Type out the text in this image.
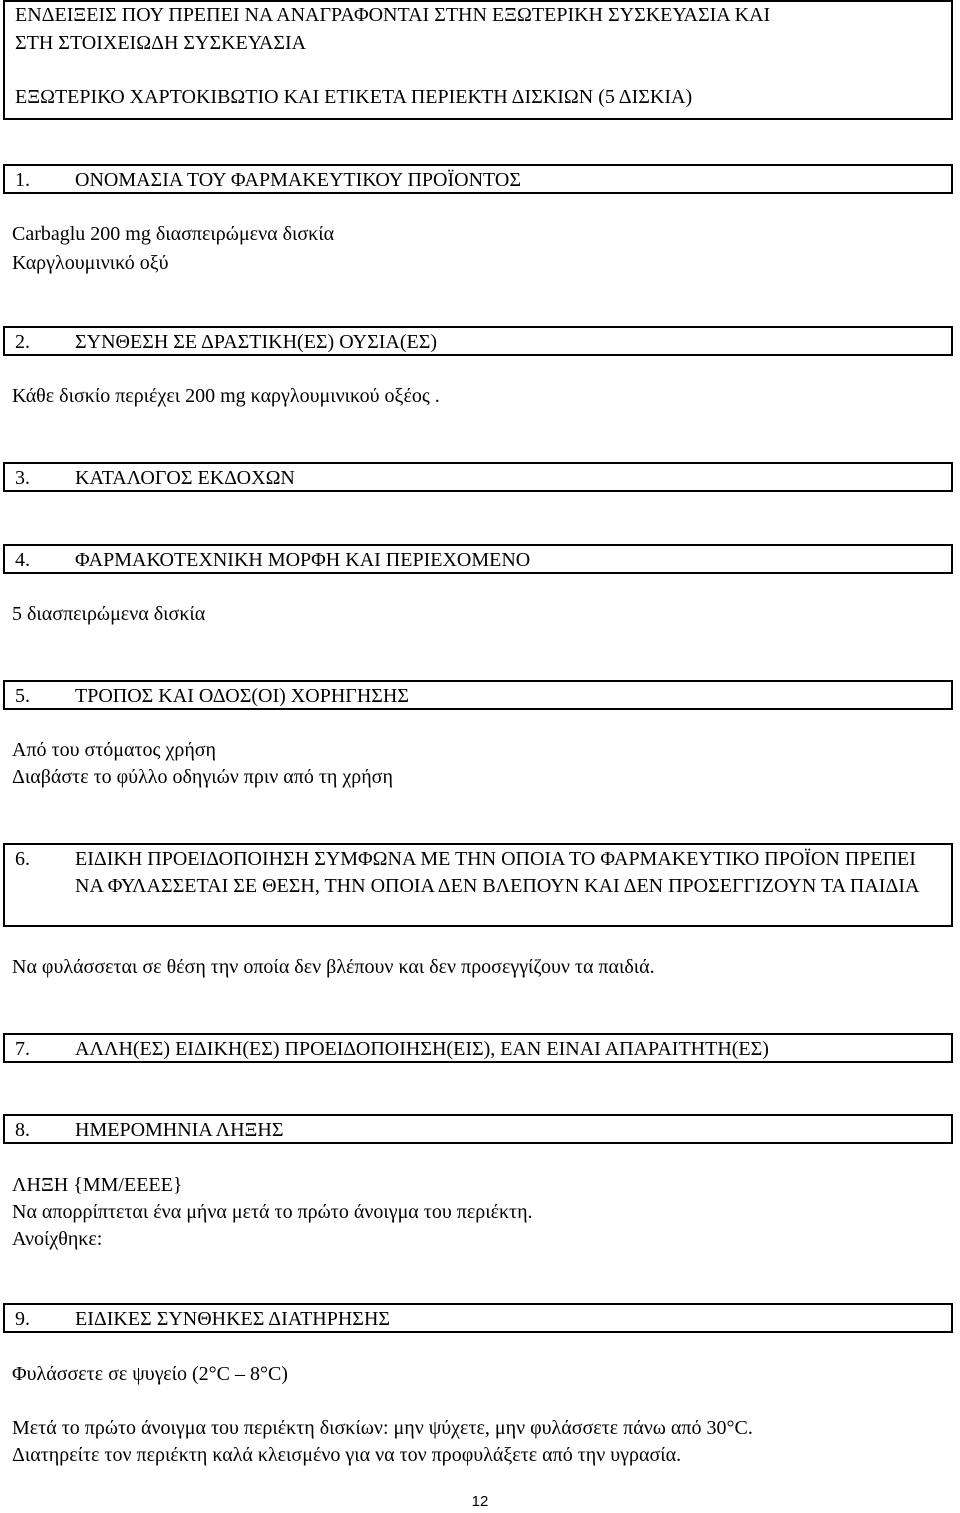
ΕΝΔΕΙΞΕΙΣ ΠΟΥ ΠΡΕΠΕΙ ΝΑ ΑΝΑΓΡΑΦΟΝΤΑΙ ΣΤΗΝ ΕΞΩΤΕΡΙΚΗ ΣΥΣΚΕΥΑΣΙΑ ΚΑΙ
ΣΤΗ ΣΤΟΙΧΕΙΩΔΗ ΣΥΣΚΕΥΑΣΙΑ
ΕΞΩΤΕΡΙΚΟ ΧΑΡΤΟΚΙΒΩΤΙΟ ΚΑΙ ΕΤΙΚΕΤΑ ΠΕΡΙΕΚΤΗ ΔΙΣΚΙΩΝ (5 ΔΙΣΚΙΑ)
1. ΟΝΟΜΑΣΙΑ ΤΟΥ ΦΑΡΜΑΚΕΥΤΙΚΟΥ ΠΡΟΪΟΝΤΟΣ
Carbaglu 200 mg διασπειρώμενα δισκία
Καργλουμινικό οξύ
2. ΣΥΝΘΕΣΗ ΣΕ ΔΡΑΣΤΙΚΗ(ΕΣ) ΟΥΣΙΑ(ΕΣ)
Κάθε δισκίο περιέχει 200 mg καργλουμινικού οξέος .
3. ΚΑΤΑΛΟΓΟΣ ΕΚΔΟΧΩΝ
4. ΦΑΡΜΑΚΟΤΕΧΝΙΚΗ ΜΟΡΦΗ ΚΑΙ ΠΕΡΙΕΧΟΜΕΝΟ
5 διασπειρώμενα δισκία
5. ΤΡΟΠΟΣ ΚΑΙ ΟΔΟΣ(ΟΙ) ΧΟΡΗΓΗΣΗΣ
Από του στόματος χρήση
Διαβάστε το φύλλο οδηγιών πριν από τη χρήση
6. ΕΙΔΙΚΗ ΠΡΟΕΙΔΟΠΟΙΗΣΗ ΣΥΜΦΩΝΑ ΜΕ ΤΗΝ ΟΠΟΙΑ ΤΟ ΦΑΡΜΑΚΕΥΤΙΚΟ ΠΡΟΪΟΝ ΠΡΕΠΕΙ ΝΑ ΦΥΛΑΣΣΕΤΑΙ ΣΕ ΘΕΣΗ, ΤΗΝ ΟΠΟΙΑ ΔΕΝ ΒΛΕΠΟΥΝ ΚΑΙ ΔΕΝ ΠΡΟΣΕΓΓΙΖΟΥΝ ΤΑ ΠΑΙΔΙΑ
Να φυλάσσεται σε θέση την οποία δεν βλέπουν και δεν προσεγγίζουν τα παιδιά.
7. ΑΛΛΗ(ΕΣ) ΕΙΔΙΚΗ(ΕΣ) ΠΡΟΕΙΔΟΠΟΙΗΣΗ(ΕΙΣ), ΕΑΝ ΕΙΝΑΙ ΑΠΑΡΑΙΤΗΤΗ(ΕΣ)
8. ΗΜΕΡΟΜΗΝΙΑ ΛΗΞΗΣ
ΛΗΞΗ {ΜΜ/ΕΕΕΕ}
Να απορρίπτεται ένα μήνα μετά το πρώτο άνοιγμα του περιέκτη.
Ανοίχθηκε:
9. ΕΙΔΙΚΕΣ ΣΥΝΘΗΚΕΣ ΔΙΑΤΗΡΗΣΗΣ
Φυλάσσετε σε ψυγείο (2°C – 8°C)
Μετά το πρώτο άνοιγμα του περιέκτη δισκίων: μην ψύχετε, μην φυλάσσετε πάνω από 30°C.
Διατηρείτε τον περιέκτη καλά κλεισμένο για να τον προφυλάξετε από την υγρασία.
12
